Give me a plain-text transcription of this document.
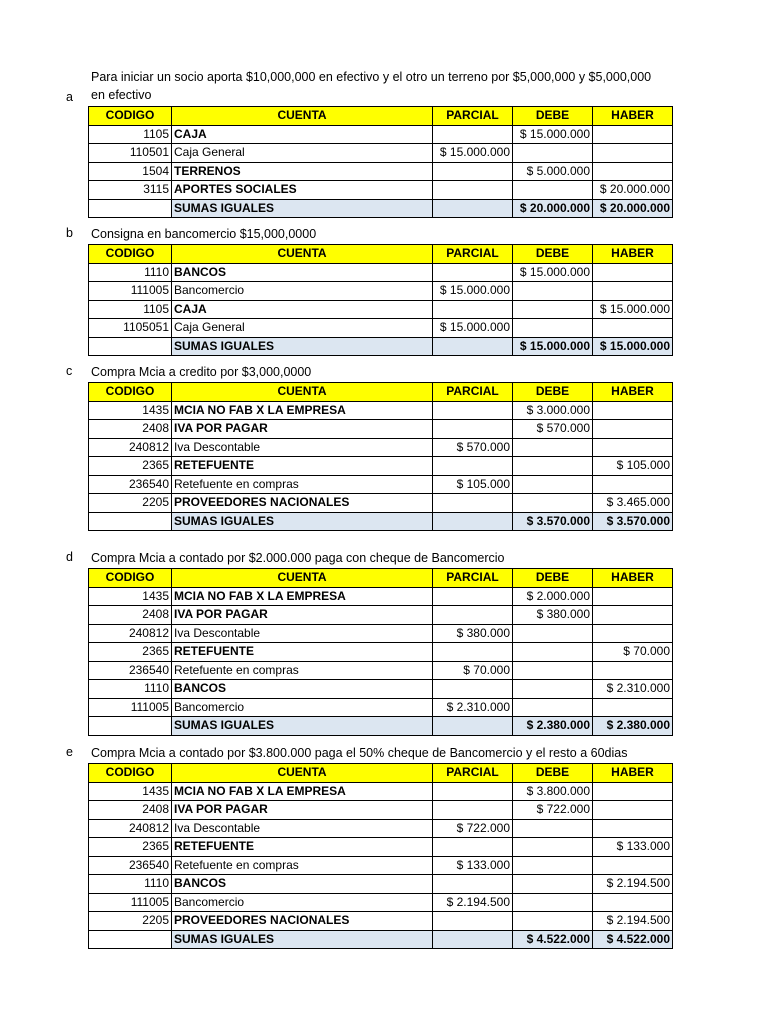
Para iniciar un socio aporta $10,000,000 en efectivo y el otro un terreno por $5,000,000 y $5,000,000
en efectivo
a
CODIGO	CUENTA	PARCIAL	DEBE	HABER
1105	CAJA		$ 15.000.000	
110501	Caja General	$ 15.000.000		
1504	TERRENOS		$ 5.000.000	
3115	APORTES SOCIALES			$ 20.000.000
	SUMAS IGUALES		$ 20.000.000	$ 20.000.000
b Consigna en bancomercio $15,000,0000
CODIGO	CUENTA	PARCIAL	DEBE	HABER
1110	BANCOS		$ 15.000.000	
111005	Bancomercio	$ 15.000.000		
1105	CAJA			$ 15.000.000
1105051	Caja General	$ 15.000.000		
	SUMAS IGUALES		$ 15.000.000	$ 15.000.000
c Compra Mcia a credito por $3,000,0000
CODIGO	CUENTA	PARCIAL	DEBE	HABER
1435	MCIA NO FAB X LA EMPRESA		$ 3.000.000	
2408	IVA POR PAGAR		$ 570.000	
240812	Iva Descontable	$ 570.000		
2365	RETEFUENTE			$ 105.000
236540	Retefuente en compras	$ 105.000		
2205	PROVEEDORES NACIONALES			$ 3.465.000
	SUMAS IGUALES		$ 3.570.000	$ 3.570.000
d Compra Mcia a contado por $2.000.000 paga con cheque de Bancomercio
CODIGO	CUENTA	PARCIAL	DEBE	HABER
1435	MCIA NO FAB X LA EMPRESA		$ 2.000.000	
2408	IVA POR PAGAR		$ 380.000	
240812	Iva Descontable	$ 380.000		
2365	RETEFUENTE			$ 70.000
236540	Retefuente en compras	$ 70.000		
1110	BANCOS			$ 2.310.000
111005	Bancomercio	$ 2.310.000		
	SUMAS IGUALES		$ 2.380.000	$ 2.380.000
e Compra Mcia a contado por $3.800.000 paga el 50% cheque de Bancomercio y el resto a 60dias
CODIGO	CUENTA	PARCIAL	DEBE	HABER
1435	MCIA NO FAB X LA EMPRESA		$ 3.800.000	
2408	IVA POR PAGAR		$ 722.000	
240812	Iva Descontable	$ 722.000		
2365	RETEFUENTE			$ 133.000
236540	Retefuente en compras	$ 133.000		
1110	BANCOS			$ 2.194.500
111005	Bancomercio	$ 2.194.500		
2205	PROVEEDORES NACIONALES			$ 2.194.500
	SUMAS IGUALES		$ 4.522.000	$ 4.522.000
